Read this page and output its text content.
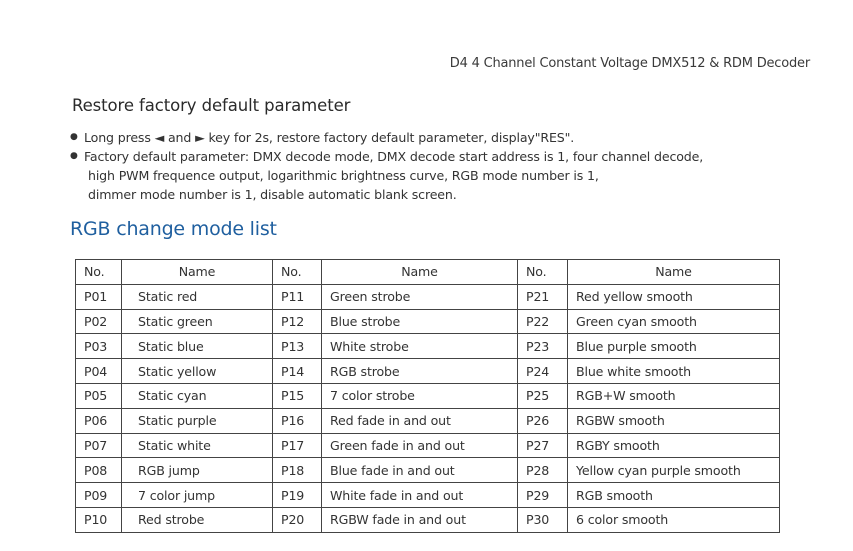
D4 4 Channel Constant Voltage DMX512 & RDM Decoder
Restore factory default parameter
● Long press ◄ and ► key for 2s, restore factory default parameter, display"RES".
● Factory default parameter: DMX decode mode, DMX decode start address is 1, four channel decode,
high PWM frequence output, logarithmic brightness curve, RGB mode number is 1,
dimmer mode number is 1, disable automatic blank screen.
RGB change mode list
No.	Name	No.	Name	No.	Name
P01	Static red	P11	Green strobe	P21	Red yellow smooth
P02	Static green	P12	Blue strobe	P22	Green cyan smooth
P03	Static blue	P13	White strobe	P23	Blue purple smooth
P04	Static yellow	P14	RGB strobe	P24	Blue white smooth
P05	Static cyan	P15	7 color strobe	P25	RGB+W smooth
P06	Static purple	P16	Red fade in and out	P26	RGBW smooth
P07	Static white	P17	Green fade in and out	P27	RGBY smooth
P08	RGB jump	P18	Blue fade in and out	P28	Yellow cyan purple smooth
P09	7 color jump	P19	White fade in and out	P29	RGB smooth
P10	Red strobe	P20	RGBW fade in and out	P30	6 color smooth
